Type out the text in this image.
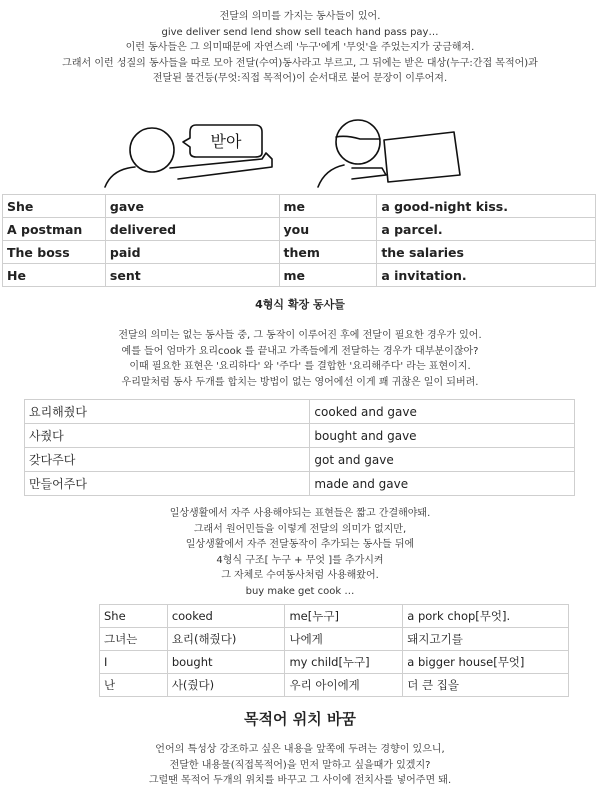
전달의 의미를 가지는 동사들이 있어.
give deliver send lend show sell teach hand pass pay…
이런 동사들은 그 의미때문에 자연스레 '누구'에게 '무엇'을 주었는지가 궁금해져.
그래서 이런 성질의 동사들을 따로 모아 전달(수여)동사라고 부르고, 그 뒤에는 받은 대상(누구:간접 목적어)과
전달된 물건등(무엇:직접 목적어)이 순서대로 붙어 문장이 이루어져.
받아
She	gave	me	a good-night kiss.
A postman	delivered	you	a parcel.
The boss	paid	them	the salaries
He	sent	me	a invitation.
4형식 확장 동사들
전달의 의미는 없는 동사들 중, 그 동작이 이루어진 후에 전달이 필요한 경우가 있어.
예를 들어 엄마가 요리cook 를 끝내고 가족들에게 전달하는 경우가 대부분이잖아?
이때 필요한 표현은 '요리하다' 와 '주다' 를 결합한 '요리해주다' 라는 표현이지.
우리말처럼 동사 두개를 합치는 방법이 없는 영어에선 이게 꽤 귀찮은 일이 되버려.
요리해줬다	cooked and gave
사줬다	bought and gave
갖다주다	got and gave
만들어주다	made and gave
일상생활에서 자주 사용해야되는 표현들은 짧고 간결해야돼.
그래서 원어민들을 이렇게 전달의 의미가 없지만,
일상생활에서 자주 전달동작이 추가되는 동사들 뒤에
4형식 구조[ 누구 + 무엇 ]를 추가시켜
그 자체로 수여동사처럼 사용해왔어.
buy make get cook …
She	cooked	me[누구]	a pork chop[무엇].
그녀는	요리(해줬다)	나에게	돼지고기를
I	bought	my child[누구]	a bigger house[무엇]
난	사(줬다)	우리 아이에게	더 큰 집을
목적어 위치 바꿈
언어의 특성상 강조하고 싶은 내용을 앞쪽에 두려는 경향이 있으니,
전달한 내용물(직접목적어)을 먼저 말하고 싶을때가 있겠지?
그럴땐 목적어 두개의 위치를 바꾸고 그 사이에 전치사를 넣어주면 돼.
